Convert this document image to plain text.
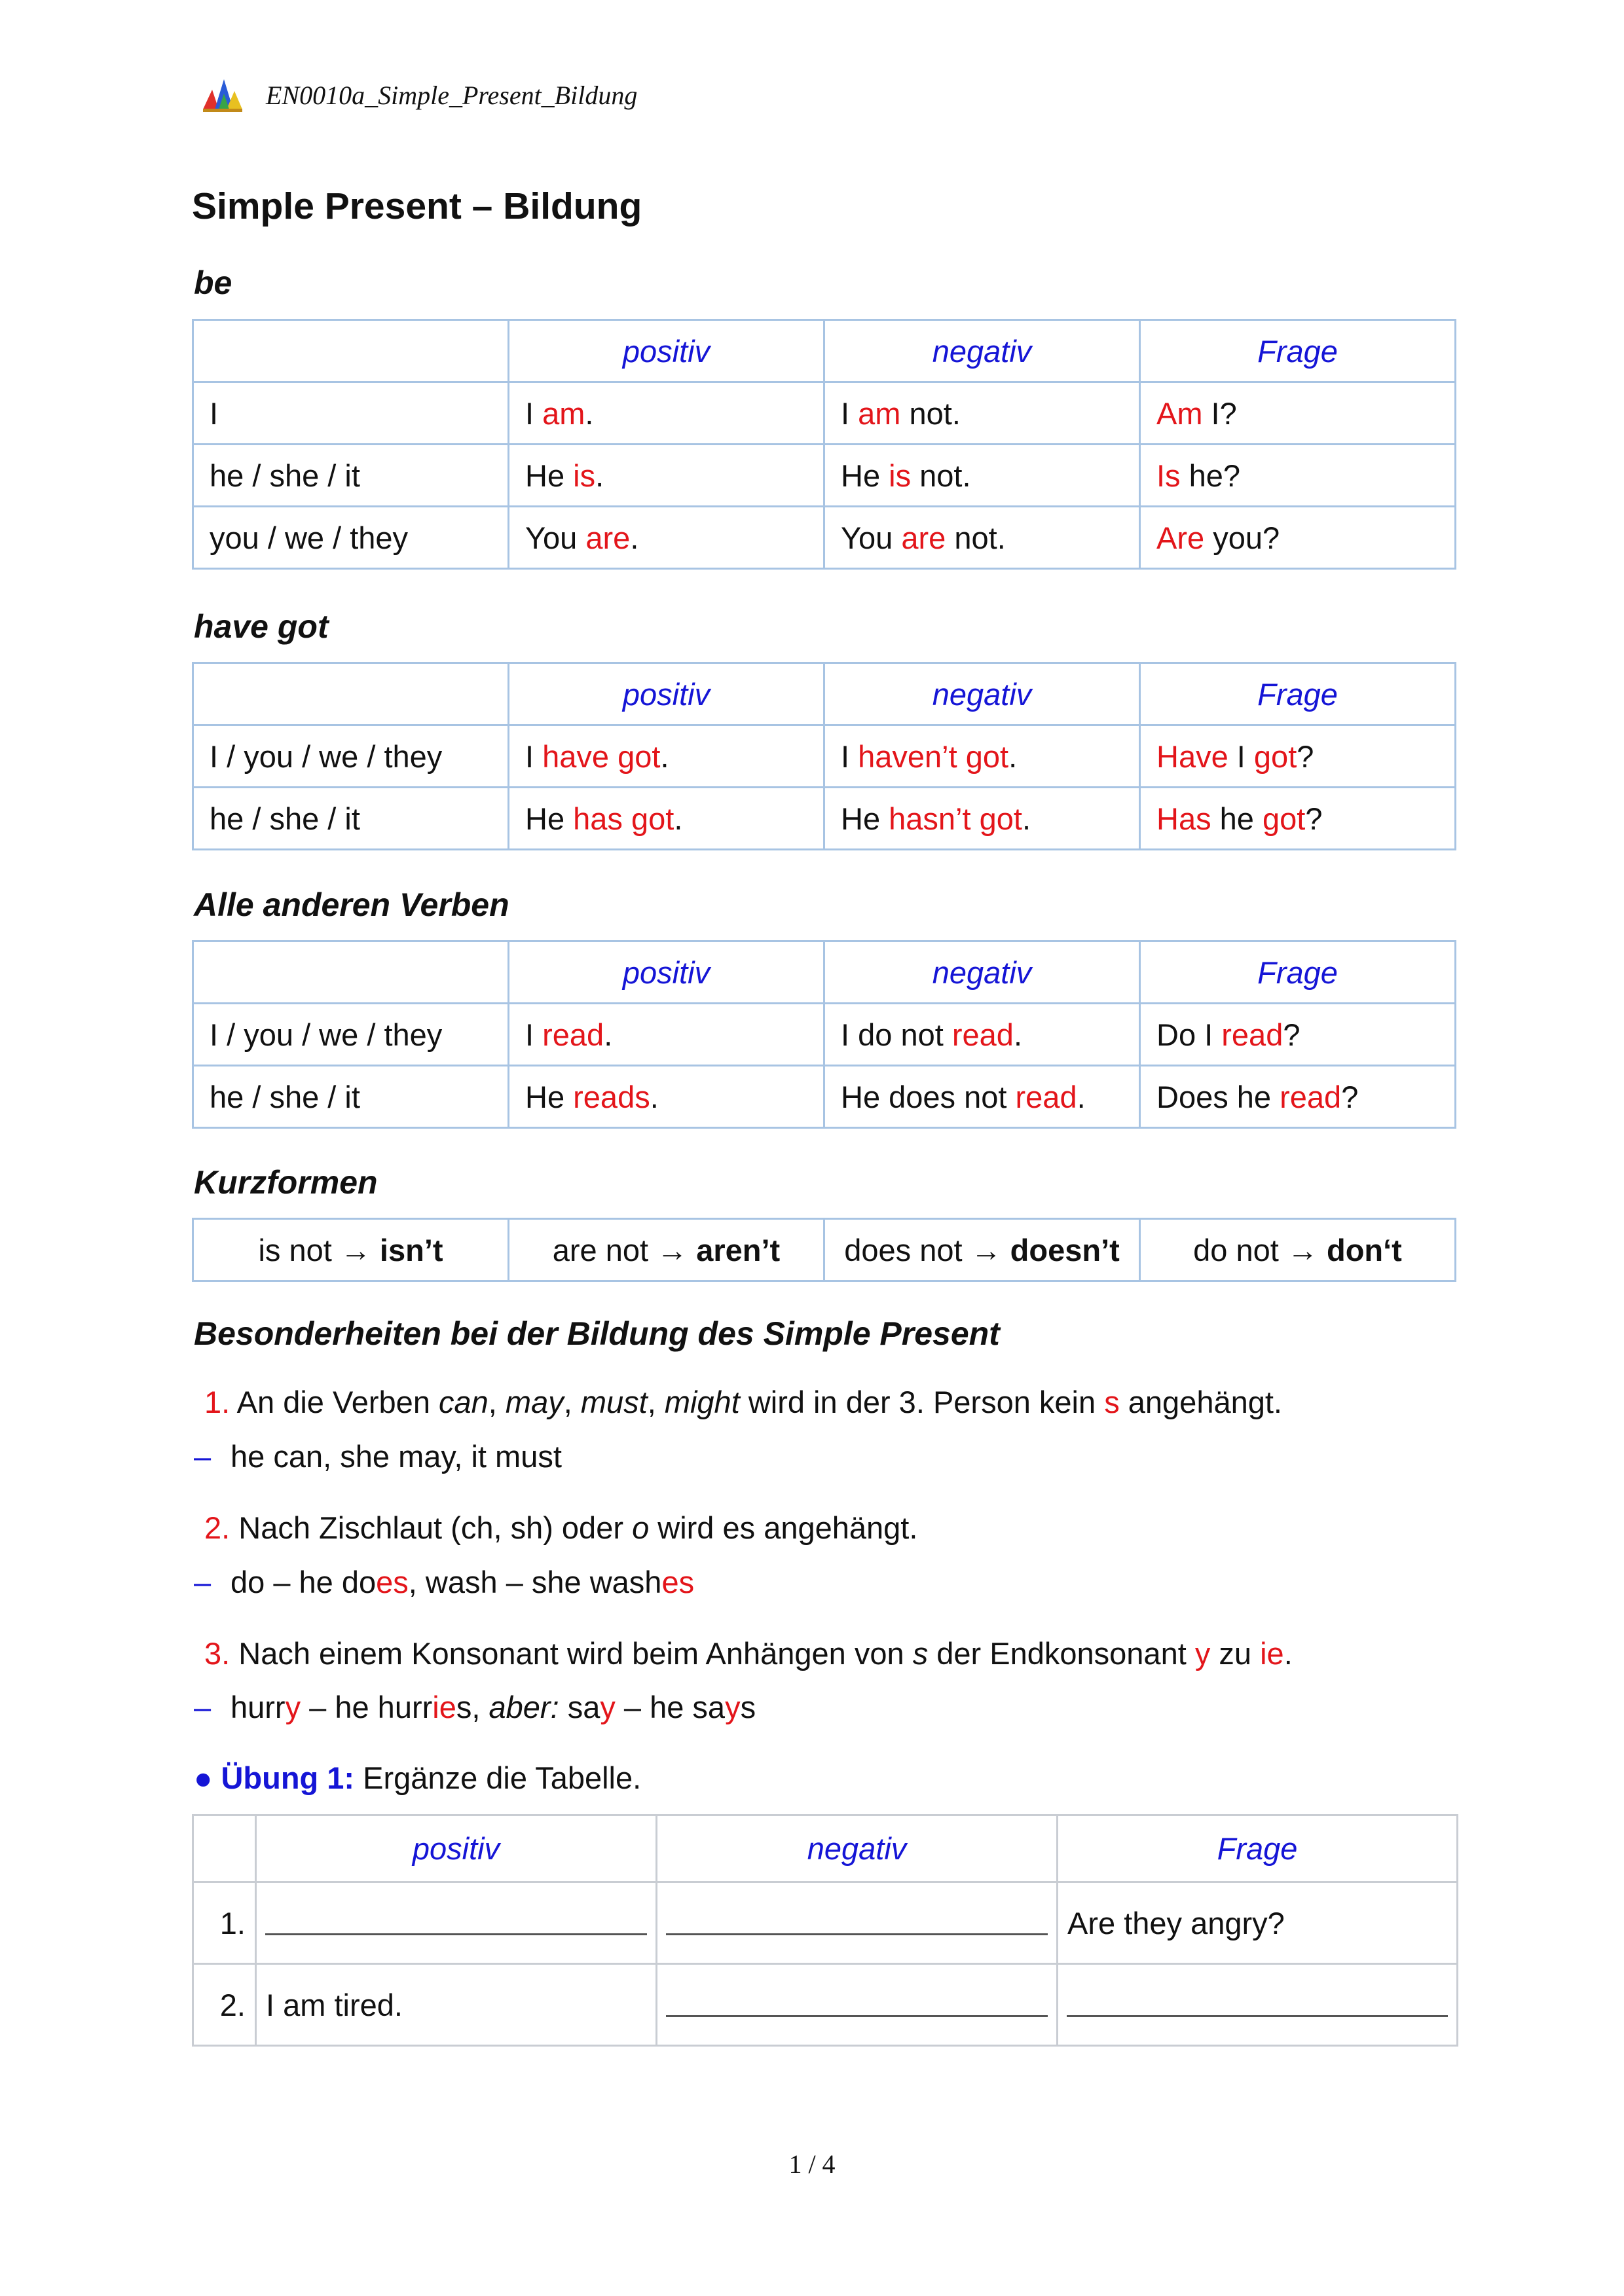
EN0010a_Simple_Present_Bildung
Simple Present – Bildung
be
	positiv	negativ	Frage
I	I am.	I am not.	Am I?
he / she / it	He is.	He is not.	Is he?
you / we / they	You are.	You are not.	Are you?
have got
	positiv	negativ	Frage
I / you / we / they	I have got.	I haven’t got.	Have I got?
he / she / it	He has got.	He hasn’t got.	Has he got?
Alle anderen Verben
	positiv	negativ	Frage
I / you / we / they	I read.	I do not read.	Do I read?
he / she / it	He reads.	He does not read.	Does he read?
Kurzformen
is not → isn’t	are not → aren’t	does not → doesn’t	do not → don‘t
Besonderheiten bei der Bildung des Simple Present
1. An die Verben can, may, must, might wird in der 3. Person kein s angehängt.
– he can, she may, it must
2. Nach Zischlaut (ch, sh) oder o wird es angehängt.
– do – he does, wash – she washes
3. Nach einem Konsonant wird beim Anhängen von s der Endkonsonant y zu ie.
– hurry – he hurries, aber: say – he says
● Übung 1: Ergänze die Tabelle.
	positiv	negativ	Frage
1.			Are they angry?
2.	I am tired.	

1 / 4
